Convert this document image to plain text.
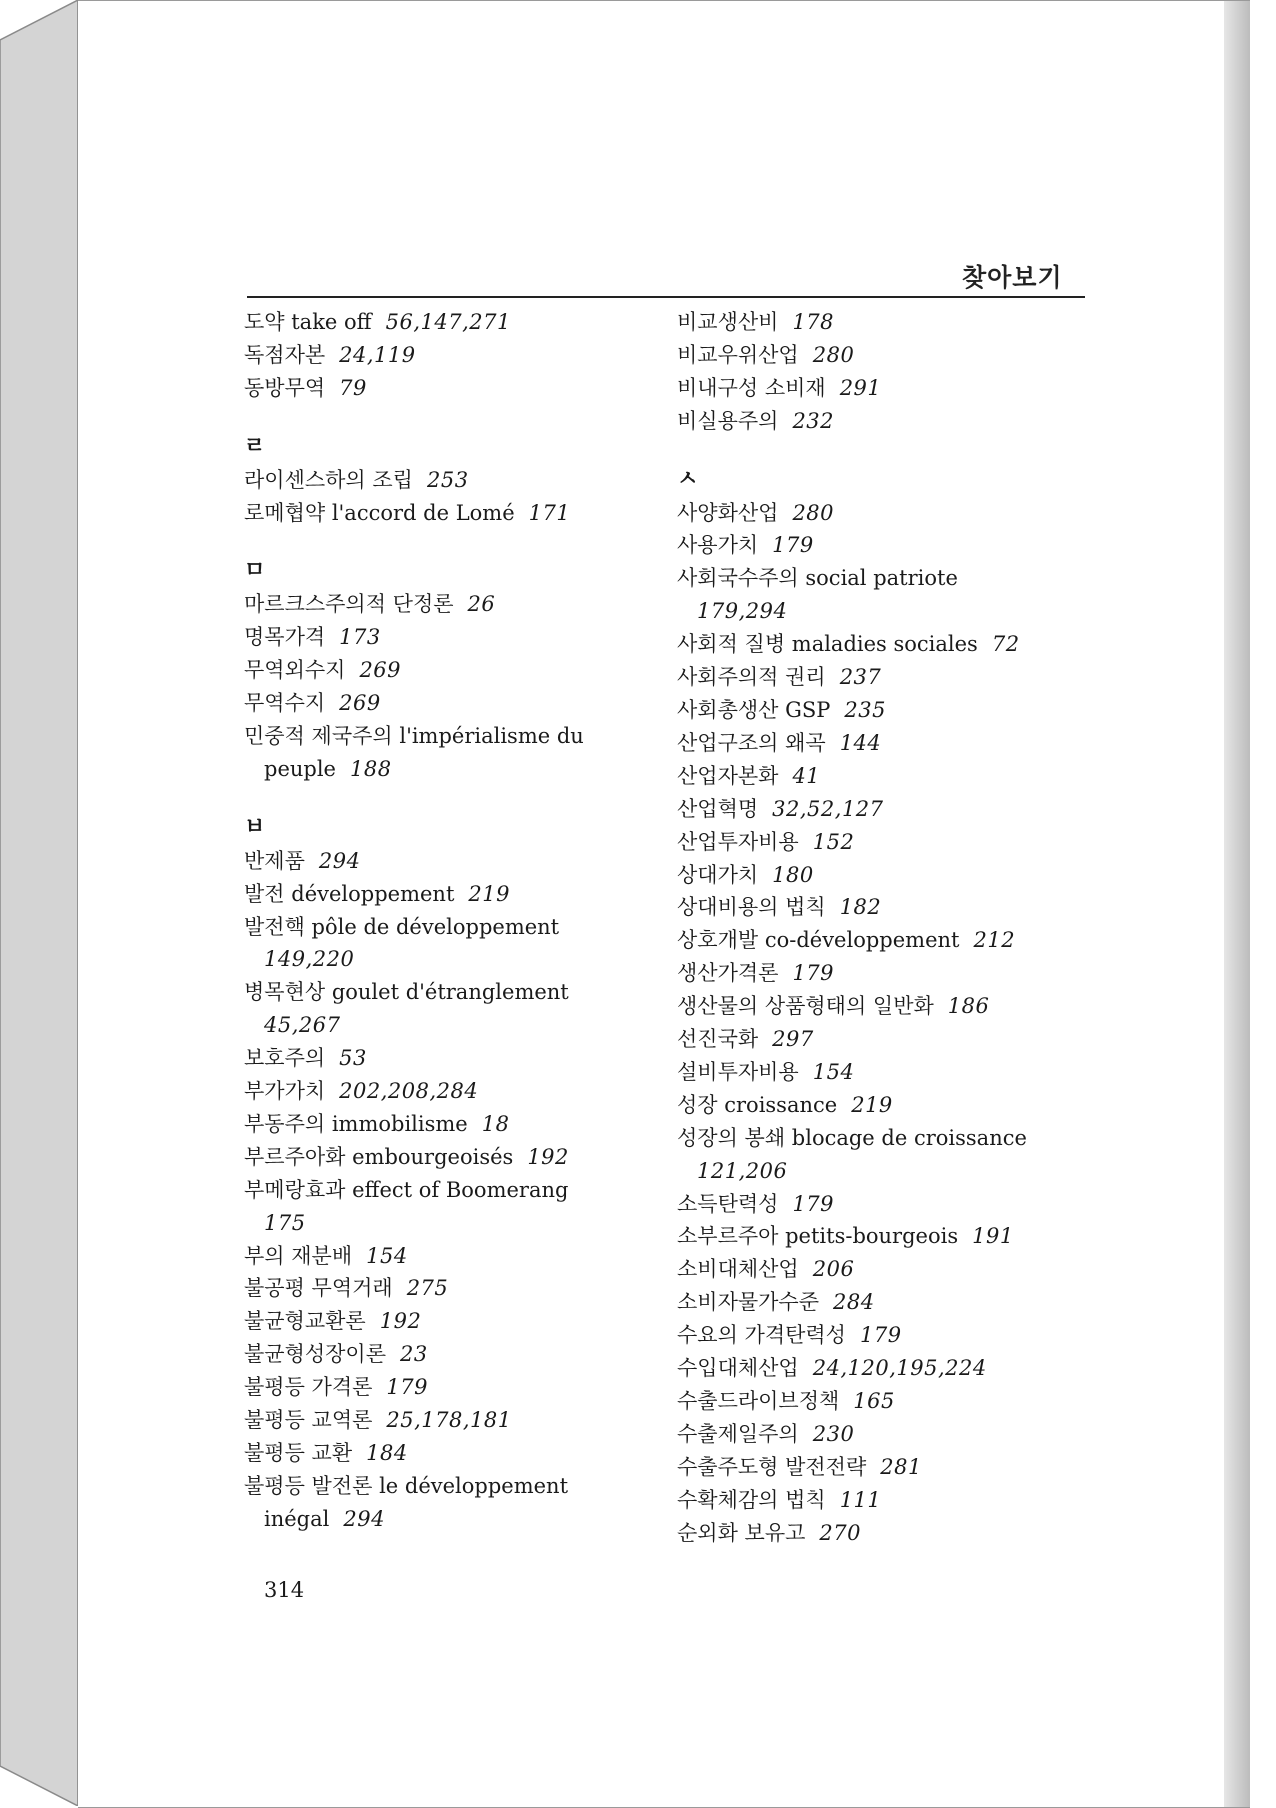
찾아보기
도약 take off 56,147,271
독점자본 24,119
동방무역 79
ㄹ
라이센스하의 조립 253
로메협약 l'accord de Lomé 171
ㅁ
마르크스주의적 단정론 26
명목가격 173
무역외수지 269
무역수지 269
민중적 제국주의 l'impérialisme du
peuple 188
ㅂ
반제품 294
발전 développement 219
발전핵 pôle de développement
149,220
병목현상 goulet d'étranglement
45,267
보호주의 53
부가가치 202,208,284
부동주의 immobilisme 18
부르주아화 embourgeoisés 192
부메랑효과 effect of Boomerang
175
부의 재분배 154
불공평 무역거래 275
불균형교환론 192
불균형성장이론 23
불평등 가격론 179
불평등 교역론 25,178,181
불평등 교환 184
불평등 발전론 le développement
inégal 294
비교생산비 178
비교우위산업 280
비내구성 소비재 291
비실용주의 232
ㅅ
사양화산업 280
사용가치 179
사회국수주의 social patriote
179,294
사회적 질병 maladies sociales 72
사회주의적 권리 237
사회총생산 GSP 235
산업구조의 왜곡 144
산업자본화 41
산업혁명 32,52,127
산업투자비용 152
상대가치 180
상대비용의 법칙 182
상호개발 co-développement 212
생산가격론 179
생산물의 상품형태의 일반화 186
선진국화 297
설비투자비용 154
성장 croissance 219
성장의 봉쇄 blocage de croissance
121,206
소득탄력성 179
소부르주아 petits-bourgeois 191
소비대체산업 206
소비자물가수준 284
수요의 가격탄력성 179
수입대체산업 24,120,195,224
수출드라이브정책 165
수출제일주의 230
수출주도형 발전전략 281
수확체감의 법칙 111
순외화 보유고 270
314
